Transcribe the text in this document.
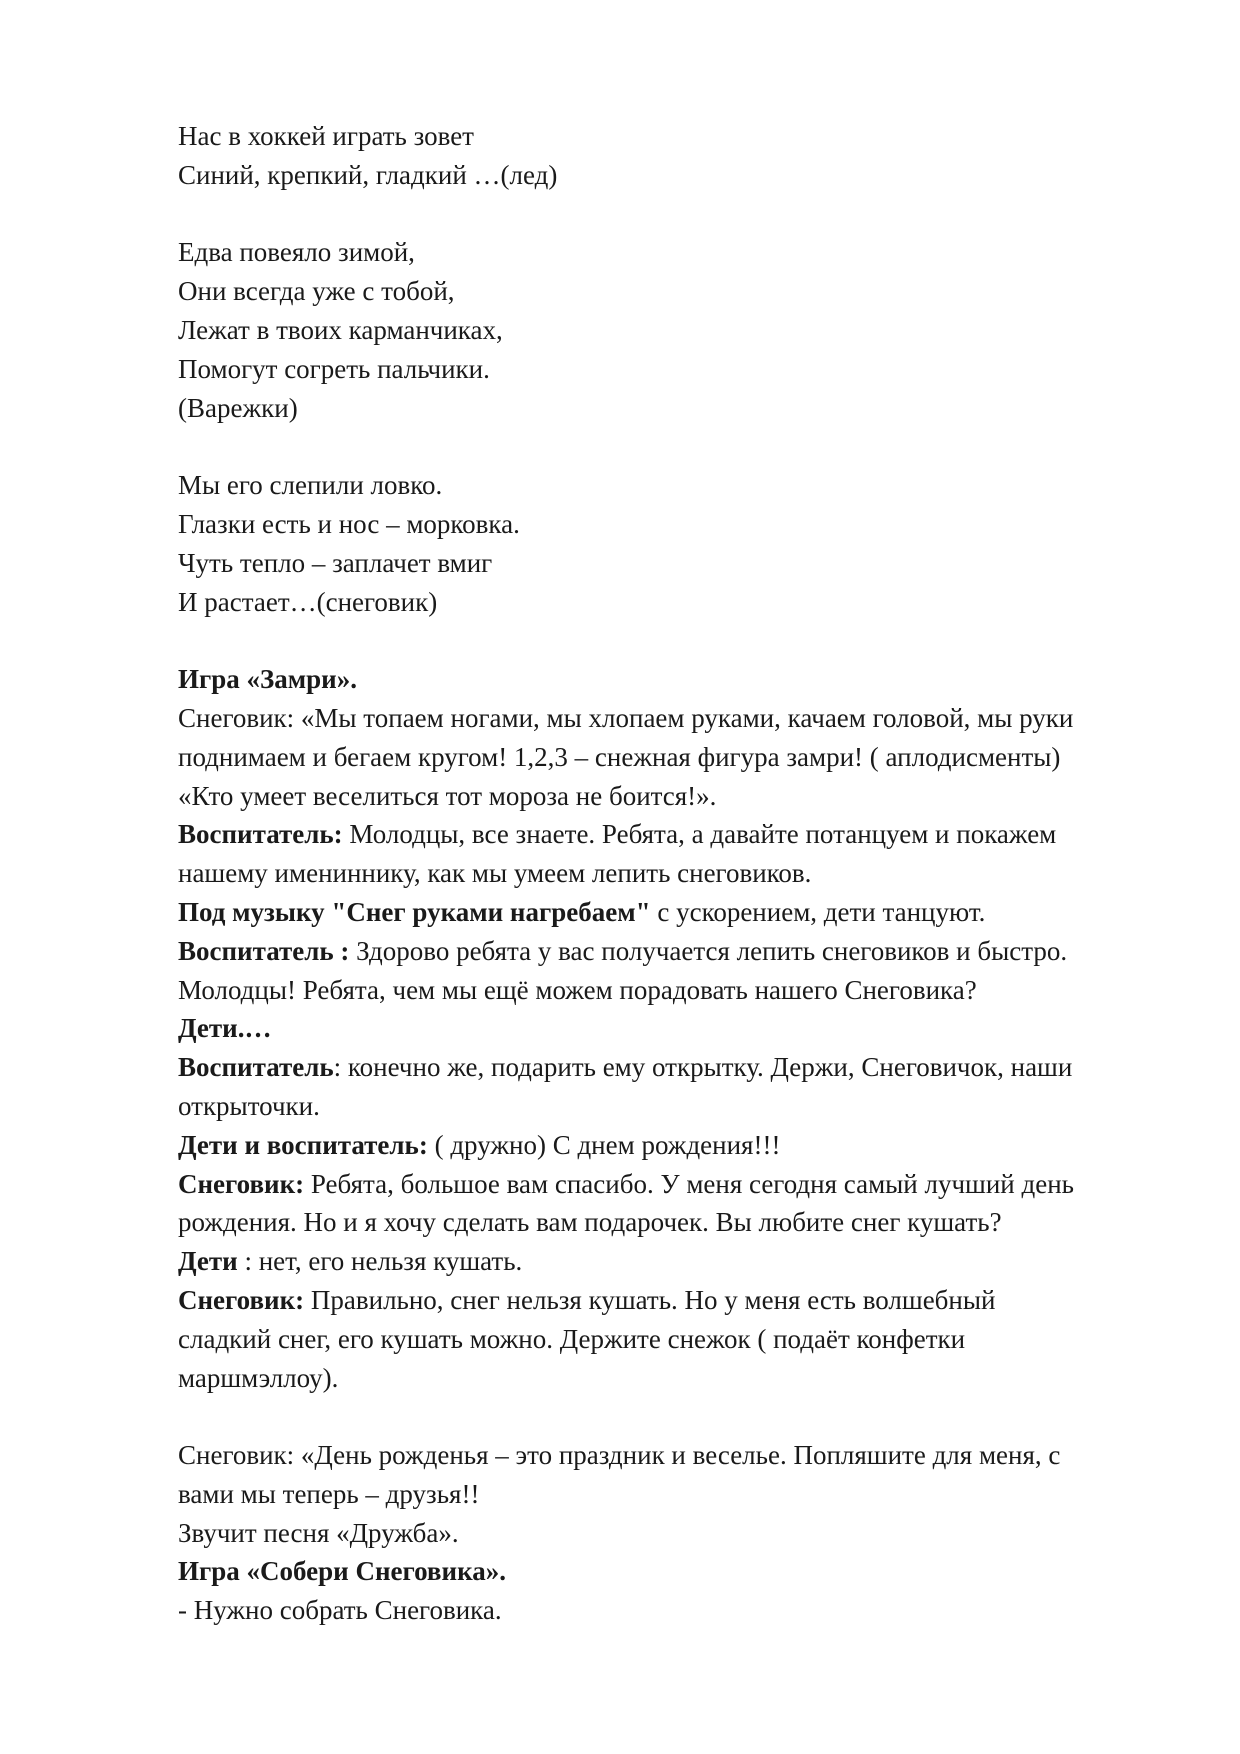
Нас в хоккей играть зовет

Синий, крепкий, гладкий …(лед)

Едва повеяло зимой,

Они всегда уже с тобой,

Лежат в твоих карманчиках,

Помогут согреть пальчики.

(Варежки)

Мы его слепили ловко.

Глазки есть и нос – морковка.

Чуть тепло – заплачет вмиг

И растает…(снеговик)

Игра «Замри».

Снеговик: «Мы топаем ногами, мы хлопаем руками, качаем головой, мы руки

поднимаем и бегаем кругом! 1,2,3 – снежная фигура замри! ( аплодисменты)

«Кто умеет веселиться тот мороза не боится!».

Воспитатель: Молодцы, все знаете. Ребята, а давайте потанцуем и покажем

нашему имениннику, как мы умеем лепить снеговиков.

Под музыку "Снег руками нагребаем" с ускорением, дети танцуют.

Воспитатель : Здорово ребята у вас получается лепить снеговиков и быстро.

Молодцы! Ребята, чем мы ещё можем порадовать нашего Снеговика?

Дети.…

Воспитатель: конечно же, подарить ему открытку. Держи, Снеговичок, наши

открыточки.

Дети и воспитатель: ( дружно) С днем рождения!!!

Снеговик: Ребята, большое вам спасибо. У меня сегодня самый лучший день

рождения. Но и я хочу сделать вам подарочек. Вы любите снег кушать?

Дети : нет, его нельзя кушать.

Снеговик: Правильно, снег нельзя кушать. Но у меня есть волшебный

сладкий снег, его кушать можно. Держите снежок ( подаёт конфетки

маршмэллоу).

Снеговик: «День рожденья – это праздник и веселье. Попляшите для меня, с

вами мы теперь – друзья!!

Звучит песня «Дружба».

Игра «Собери Снеговика».

- Нужно собрать Снеговика.
